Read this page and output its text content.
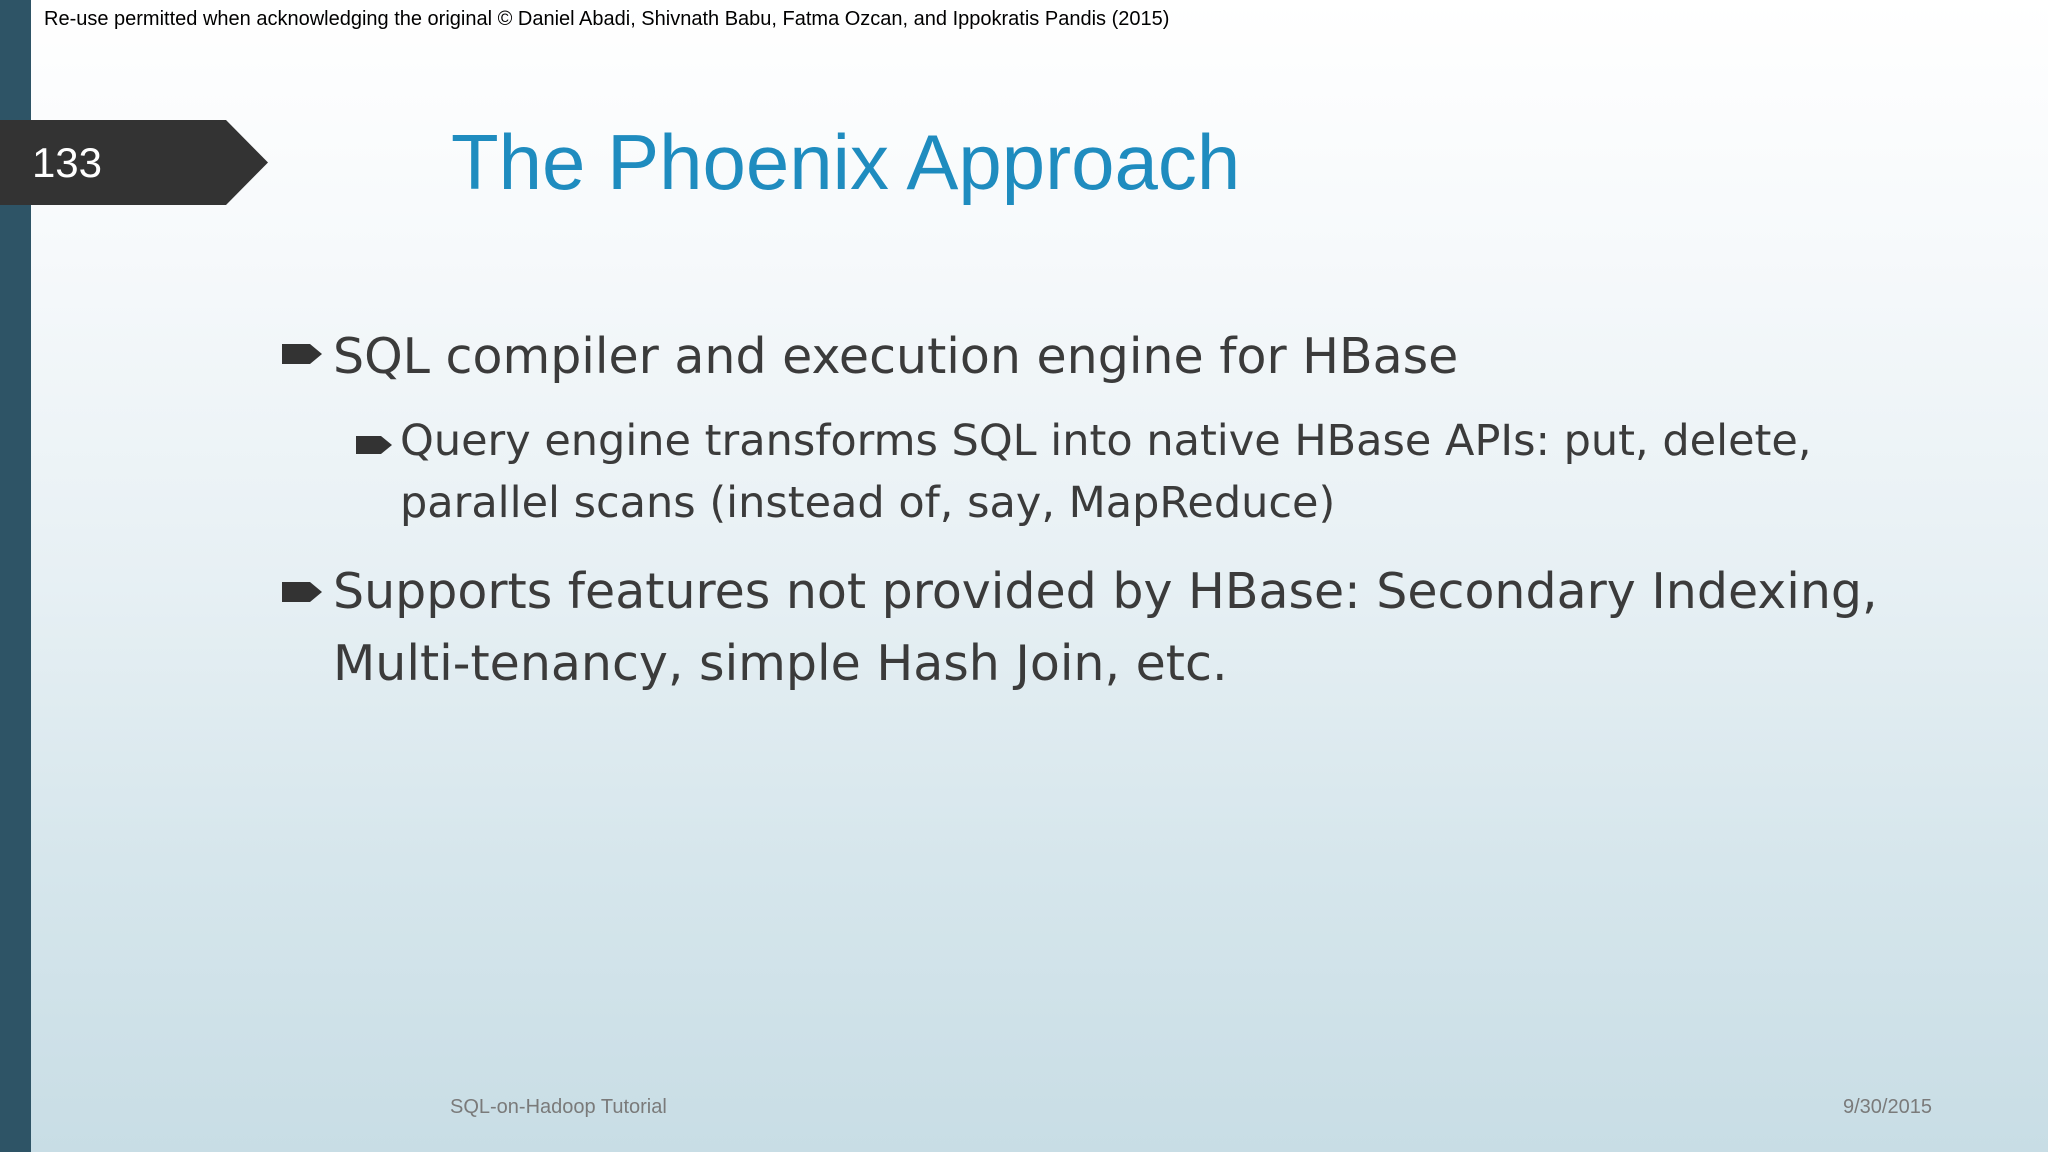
Re-use permitted when acknowledging the original © Daniel Abadi, Shivnath Babu, Fatma Ozcan, and Ippokratis Pandis (2015)
133	The Phoenix Approach
SQL compiler and execution engine for HBase
Query engine transforms SQL into native HBase APIs: put, delete, parallel scans (instead of, say, MapReduce)
Supports features not provided by HBase: Secondary Indexing, Multi-tenancy, simple Hash Join, etc.
SQL-on-Hadoop Tutorial	9/30/2015
